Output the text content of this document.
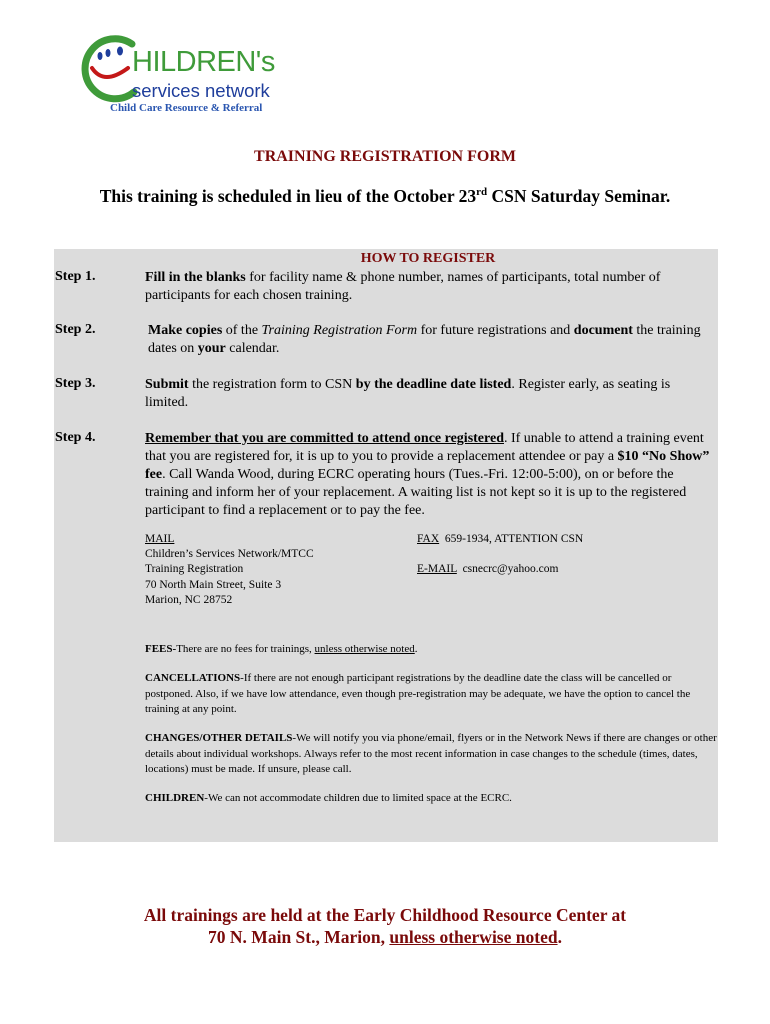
HILDREN's
services network
Child Care Resource & Referral
TRAINING REGISTRATION FORM
This training is scheduled in lieu of the October 23rd CSN Saturday Seminar.
HOW TO REGISTER
Step 1.
Step 2.
Step 3.
Step 4.
Fill in the blanks for facility name & phone number, names of participants, total number of participants for each chosen training.
Make copies of the Training Registration Form for future registrations and document the training dates on your calendar.
Submit the registration form to CSN by the deadline date listed. Register early, as seating is limited.
Remember that you are committed to attend once registered. If unable to attend a training event that you are registered for, it is up to you to provide a replacement attendee or pay a $10 “No Show” fee. Call Wanda Wood, during ECRC operating hours (Tues.-Fri. 12:00-5:00), on or before the training and inform her of your replacement. A waiting list is not kept so it is up to the registered participant to find a replacement or to pay the fee.
MAIL
Children’s Services Network/MTCC
Training Registration
70 North Main Street, Suite 3
Marion, NC 28752
FAX  659-1934, ATTENTION CSN
E-MAIL  csnecrc@yahoo.com
FEES-There are no fees for trainings, unless otherwise noted.
CANCELLATIONS-If there are not enough participant registrations by the deadline date the class will be cancelled or postponed. Also, if we have low attendance, even though pre-registration may be adequate, we have the option to cancel the training at any point.
CHANGES/OTHER DETAILS-We will notify you via phone/email, flyers or in the Network News if there are changes or other details about individual workshops. Always refer to the most recent information in case changes to the schedule (times, dates, locations) must be made. If unsure, please call.
CHILDREN-We can not accommodate children due to limited space at the ECRC.
All trainings are held at the Early Childhood Resource Center at
70 N. Main St., Marion, unless otherwise noted.
